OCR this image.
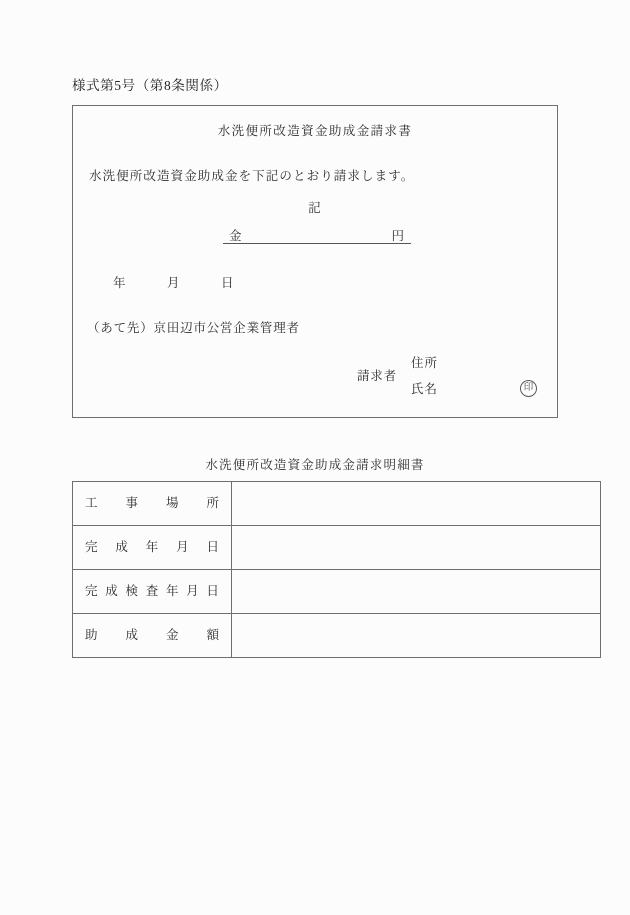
様式第5号（第8条関係）
水洗便所改造資金助成金請求書
水洗便所改造資金助成金を下記のとおり請求します。
記
金	円
年　　　月　　　日
（あて先）京田辺市公営企業管理者
請求者
住所
氏名	印
水洗便所改造資金助成金請求明細書
工 事 場 所	

完 成 年 月 日	

完 成 検 査 年 月 日

助 成 金 額	
